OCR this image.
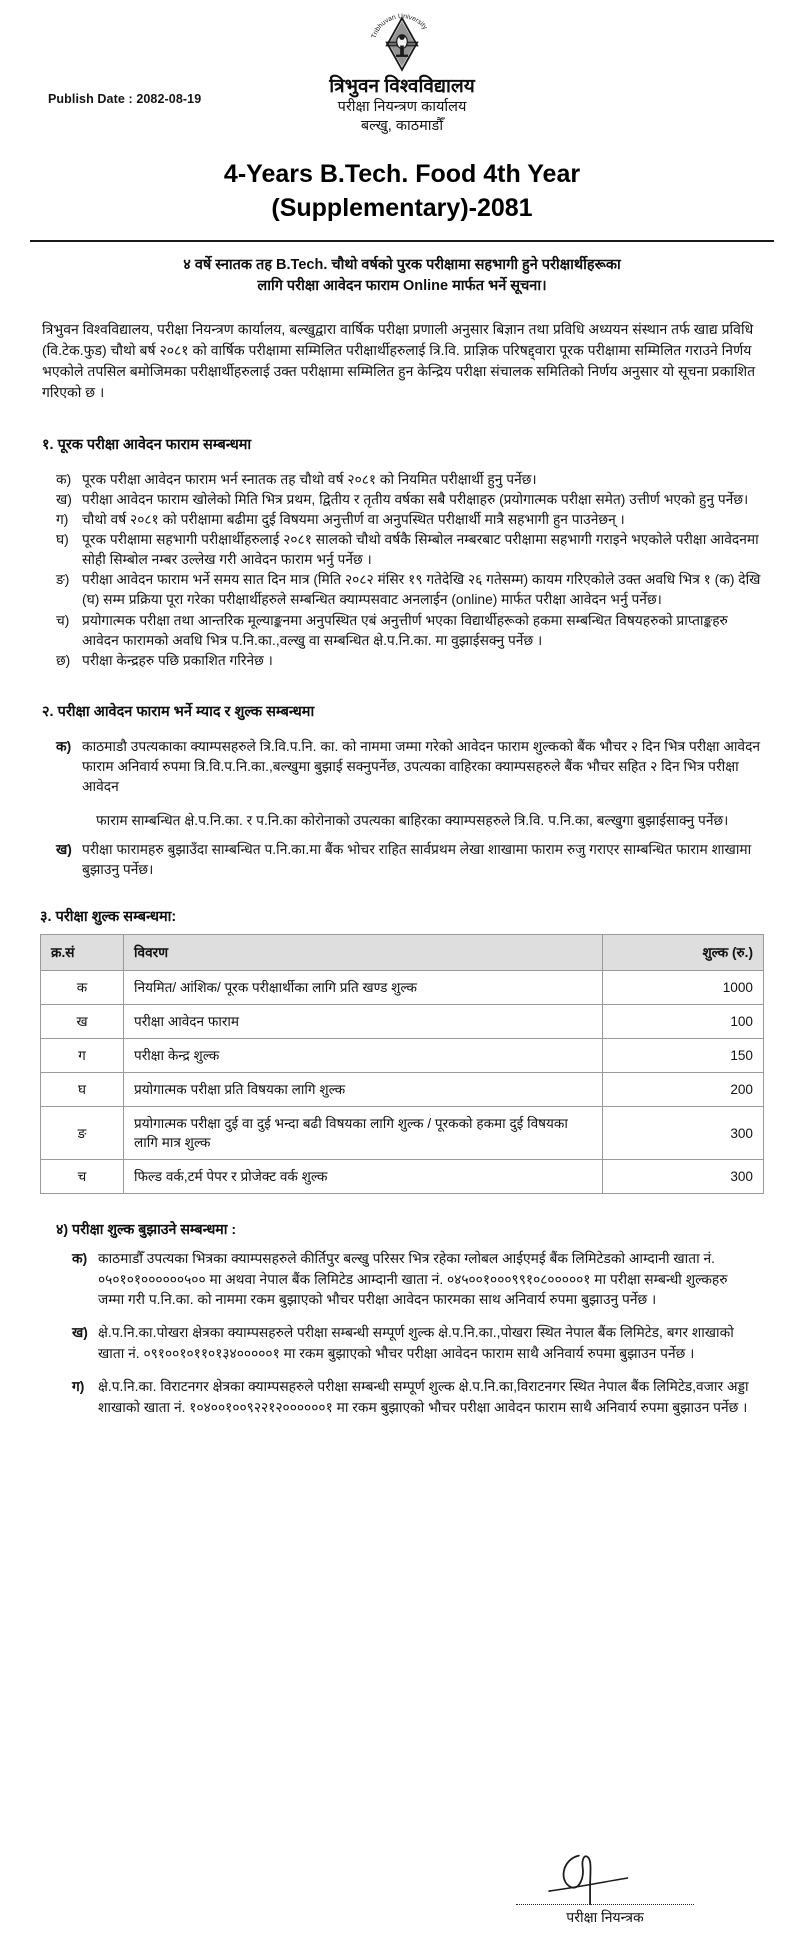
Publish Date : 2082-08-19
Tribhuvan University
त्रिभुवन विश्वविद्यालय
परीक्षा नियन्त्रण कार्यालय
बल्खु, काठमाडौँ
4-Years B.Tech. Food 4th Year
(Supplementary)-2081
४ वर्षे स्नातक तह B.Tech. चौथो वर्षको पुरक परीक्षामा सहभागी हुने परीक्षार्थीहरूका
लागि परीक्षा आवेदन फाराम Online मार्फत भर्ने सूचना।
त्रिभुवन विश्वविद्यालय, परीक्षा नियन्त्रण कार्यालय, बल्खुद्वारा वार्षिक परीक्षा प्रणाली अनुसार बिज्ञान तथा प्रविधि अध्ययन संस्थान तर्फ खाद्य प्रविधि (वि.टेक.फुड) चौथो बर्ष २०८१ को वार्षिक परीक्षामा सम्मिलित परीक्षार्थीहरुलाई त्रि.वि. प्राज्ञिक परिषद्द्वारा पूरक परीक्षामा सम्मिलित गराउने निर्णय भएकोले तपसिल बमोजिमका परीक्षार्थीहरुलाई उक्त परीक्षामा सम्मिलित हुन केन्द्रिय परीक्षा संचालक समितिको निर्णय अनुसार यो सूचना प्रकाशित गरिएको छ ।
१. पूरक परीक्षा आवेदन फाराम सम्बन्धमा
क) पूरक परीक्षा आवेदन फाराम भर्न स्नातक तह चौथो वर्ष २०८१ को नियमित परीक्षार्थी हुनु पर्नेछ।
ख) परीक्षा आवेदन फाराम खोलेको मिति भित्र प्रथम, द्वितीय र तृतीय वर्षका सबै परीक्षाहरु (प्रयोगात्मक परीक्षा समेत) उत्तीर्ण भएको हुनु पर्नेछ।
ग) चौथो वर्ष २०८१ को परीक्षामा बढीमा दुई विषयमा अनुत्तीर्ण वा अनुपस्थित परीक्षार्थी मात्रै सहभागी हुन पाउनेछन् ।
घ) पूरक परीक्षामा सहभागी परीक्षार्थीहरुलाई २०८१ सालको चौथो वर्षकै सिम्बोल नम्बरबाट परीक्षामा सहभागी गराइने भएकोले परीक्षा आवेदनमा सोही सिम्बोल नम्बर उल्लेख गरी आवेदन फाराम भर्नु पर्नेछ ।
ङ) परीक्षा आवेदन फाराम भर्ने समय सात दिन मात्र (मिति २०८२ मंसिर १९ गतेदेखि २६ गतेसम्म) कायम गरिएकोले उक्त अवधि भित्र १ (क) देखि (घ) सम्म प्रक्रिया पूरा गरेका परीक्षार्थीहरुले सम्बन्धित क्याम्पसवाट अनलाईन (online) मार्फत परीक्षा आवेदन भर्नु पर्नेछ।
च) प्रयोगात्मक परीक्षा तथा आन्तरिक मूल्याङ्कनमा अनुपस्थित एबं अनुत्तीर्ण भएका विद्यार्थीहरूको हकमा सम्बन्धित विषयहरुको प्राप्ताङ्कहरु आवेदन फारामको अवधि भित्र प.नि.का.,वल्खु वा सम्बन्धित क्षे.प.नि.का. मा वुझाईसक्नु पर्नेछ ।
छ) परीक्षा केन्द्रहरु पछि प्रकाशित गरिनेछ ।
२. परीक्षा आवेदन फाराम भर्ने म्याद र शुल्क सम्बन्धमा
क) काठमाडौ उपत्यकाका क्याम्पसहरुले त्रि.वि.प.नि. का. को नाममा जम्मा गरेको आवेदन फाराम शुल्कको बैंक भौचर २ दिन भित्र परीक्षा आवेदन फाराम अनिवार्य रुपमा त्रि.वि.प.नि.का.,बल्खुमा बुझाई सक्नुपर्नेछ, उपत्यका वाहिरका क्याम्पसहरुले बैंक भौचर सहित २ दिन भित्र परीक्षा आवेदन
फाराम साम्बन्धित क्षे.प.नि.का. र प.नि.का कोरोनाको उपत्यका बाहिरका क्याम्पसहरुले त्रि.वि. प.नि.का, बल्खुगा बुझाईसाक्नु पर्नेछ।
ख) परीक्षा फारामहरु बुझाउँदा साम्बन्धित प.नि.का.मा बैंक भोचर राहित सार्वप्रथम लेखा शाखामा फाराम रुजु गराएर साम्बन्धित फाराम शाखामा बुझाउनु पर्नेछ।
३. परीक्षा शुल्क सम्बन्धमा:
क्र.सं	विवरण	शुल्क (रु.)
क	नियमित/ आंशिक/ पूरक परीक्षार्थीका लागि प्रति खण्ड शुल्क	1000
ख	परीक्षा आवेदन फाराम	100
ग	परीक्षा केन्द्र शुल्क	150
घ	प्रयोगात्मक परीक्षा प्रति विषयका लागि शुल्क	200
ङ	प्रयोगात्मक परीक्षा दुई वा दुई भन्दा बढी विषयका लागि शुल्क / पूरकको हकमा दुई विषयका लागि मात्र शुल्क	300
च	फिल्ड वर्क,टर्म पेपर र प्रोजेक्ट वर्क शुल्क	300
४) परीक्षा शुल्क बुझाउने सम्बन्धमा :
क) काठमाडौँ उपत्यका भित्रका क्याम्पसहरुले कीर्तिपुर बल्खु परिसर भित्र रहेका ग्लोबल आईएमई बैंक लिमिटेडको आम्दानी खाता नं. ०५०१०१००००००५०० मा अथवा नेपाल बैंक लिमिटेड आम्दानी खाता नं. ०४५००१०००९९१०८०००००१ मा परीक्षा सम्बन्धी शुल्कहरु जम्मा गरी प.नि.का. को नाममा रकम बुझाएको भौचर परीक्षा आवेदन फारमका साथ अनिवार्य रुपमा बुझाउनु पर्नेछ ।
ख) क्षे.प.नि.का.पोखरा क्षेत्रका क्याम्पसहरुले परीक्षा सम्बन्धी सम्पूर्ण शुल्क क्षे.प.नि.का.,पोखरा स्थित नेपाल बैंक लिमिटेड, बगर शाखाको खाता नं. ०९१००१०११०१३४०००००१ मा रकम बुझाएको भौचर परीक्षा आवेदन फाराम साथै अनिवार्य रुपमा बुझाउन पर्नेछ ।
ग) क्षे.प.नि.का. विराटनगर क्षेत्रका क्याम्पसहरुले परीक्षा सम्बन्धी सम्पूर्ण शुल्क क्षे.प.नि.का,विराटनगर स्थित नेपाल बैंक लिमिटेड,वजार अड्डा शाखाको खाता नं. १०४००१००९२२१२००००००१ मा रकम बुझाएको भौचर परीक्षा आवेदन फाराम साथै अनिवार्य रुपमा बुझाउन पर्नेछ ।
परीक्षा नियन्त्रक
